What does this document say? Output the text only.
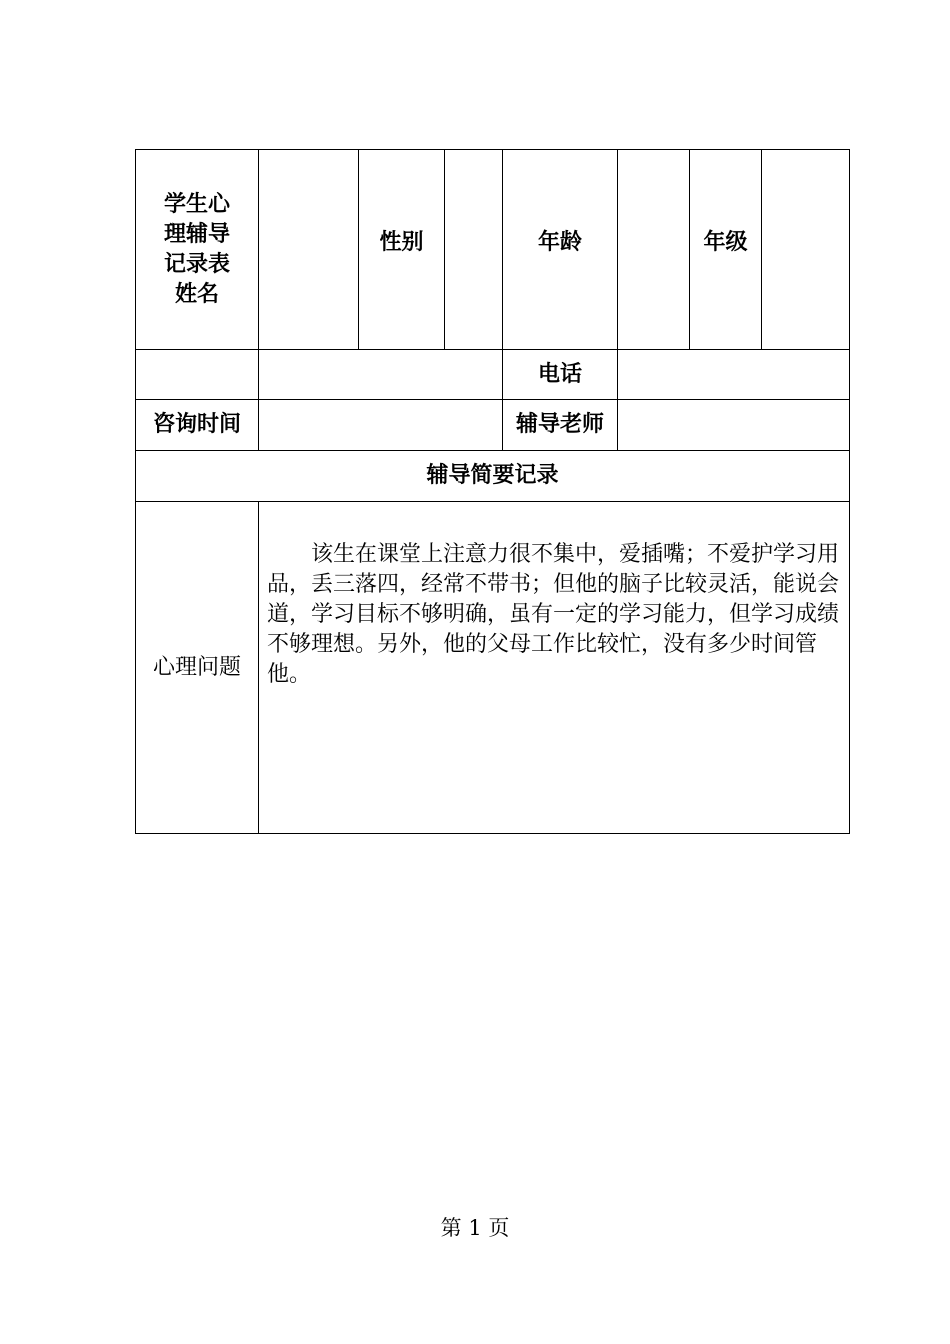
学生心
理辅导
记录表
姓名		性别		年龄		年级	
				电话			
咨询时间				辅导老师			
辅导简要记录							
心理问题	该生在课堂上注意力很不集中，爱插嘴；不爱护学习用品，丢三落四，经常不带书；但他的脑子比较灵活，能说会道，学习目标不够明确，虽有一定的学习能力，但学习成绩不够理想。另外，他的父母工作比较忙，没有多少时间管他。						
第 1 页
